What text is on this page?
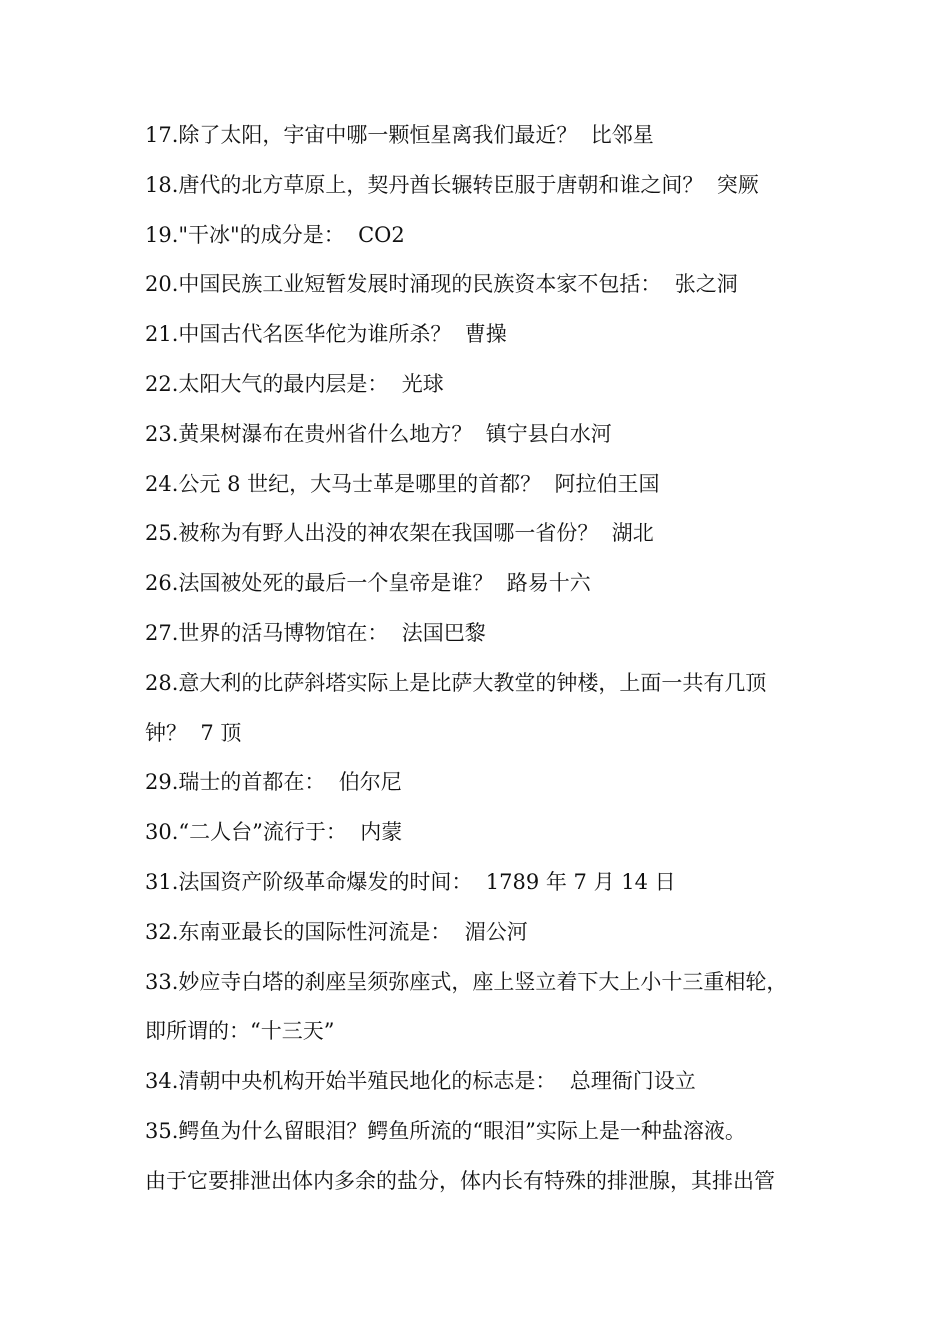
17.除了太阳，宇宙中哪一颗恒星离我们最近？  比邻星
18.唐代的北方草原上，契丹酋长辗转臣服于唐朝和谁之间？  突厥
19."干冰"的成分是：  CO2
20.中国民族工业短暂发展时涌现的民族资本家不包括：  张之洞
21.中国古代名医华佗为谁所杀？  曹操
22.太阳大气的最内层是：  光球
23.黄果树瀑布在贵州省什么地方？  镇宁县白水河
24.公元 8 世纪，大马士革是哪里的首都？  阿拉伯王国
25.被称为有野人出没的神农架在我国哪一省份？  湖北
26.法国被处死的最后一个皇帝是谁？  路易十六
27.世界的活马博物馆在：  法国巴黎
28.意大利的比萨斜塔实际上是比萨大教堂的钟楼，上面一共有几顶
钟？  7 顶
29.瑞士的首都在：  伯尔尼
30.“二人台”流行于：  内蒙
31.法国资产阶级革命爆发的时间：  1789 年 7 月 14 日
32.东南亚最长的国际性河流是：  湄公河
33.妙应寺白塔的刹座呈须弥座式，座上竖立着下大上小十三重相轮，
即所谓的：“十三天”
34.清朝中央机构开始半殖民地化的标志是：  总理衙门设立
35.鳄鱼为什么留眼泪？鳄鱼所流的“眼泪”实际上是一种盐溶液。
由于它要排泄出体内多余的盐分，体内长有特殊的排泄腺，其排出管
